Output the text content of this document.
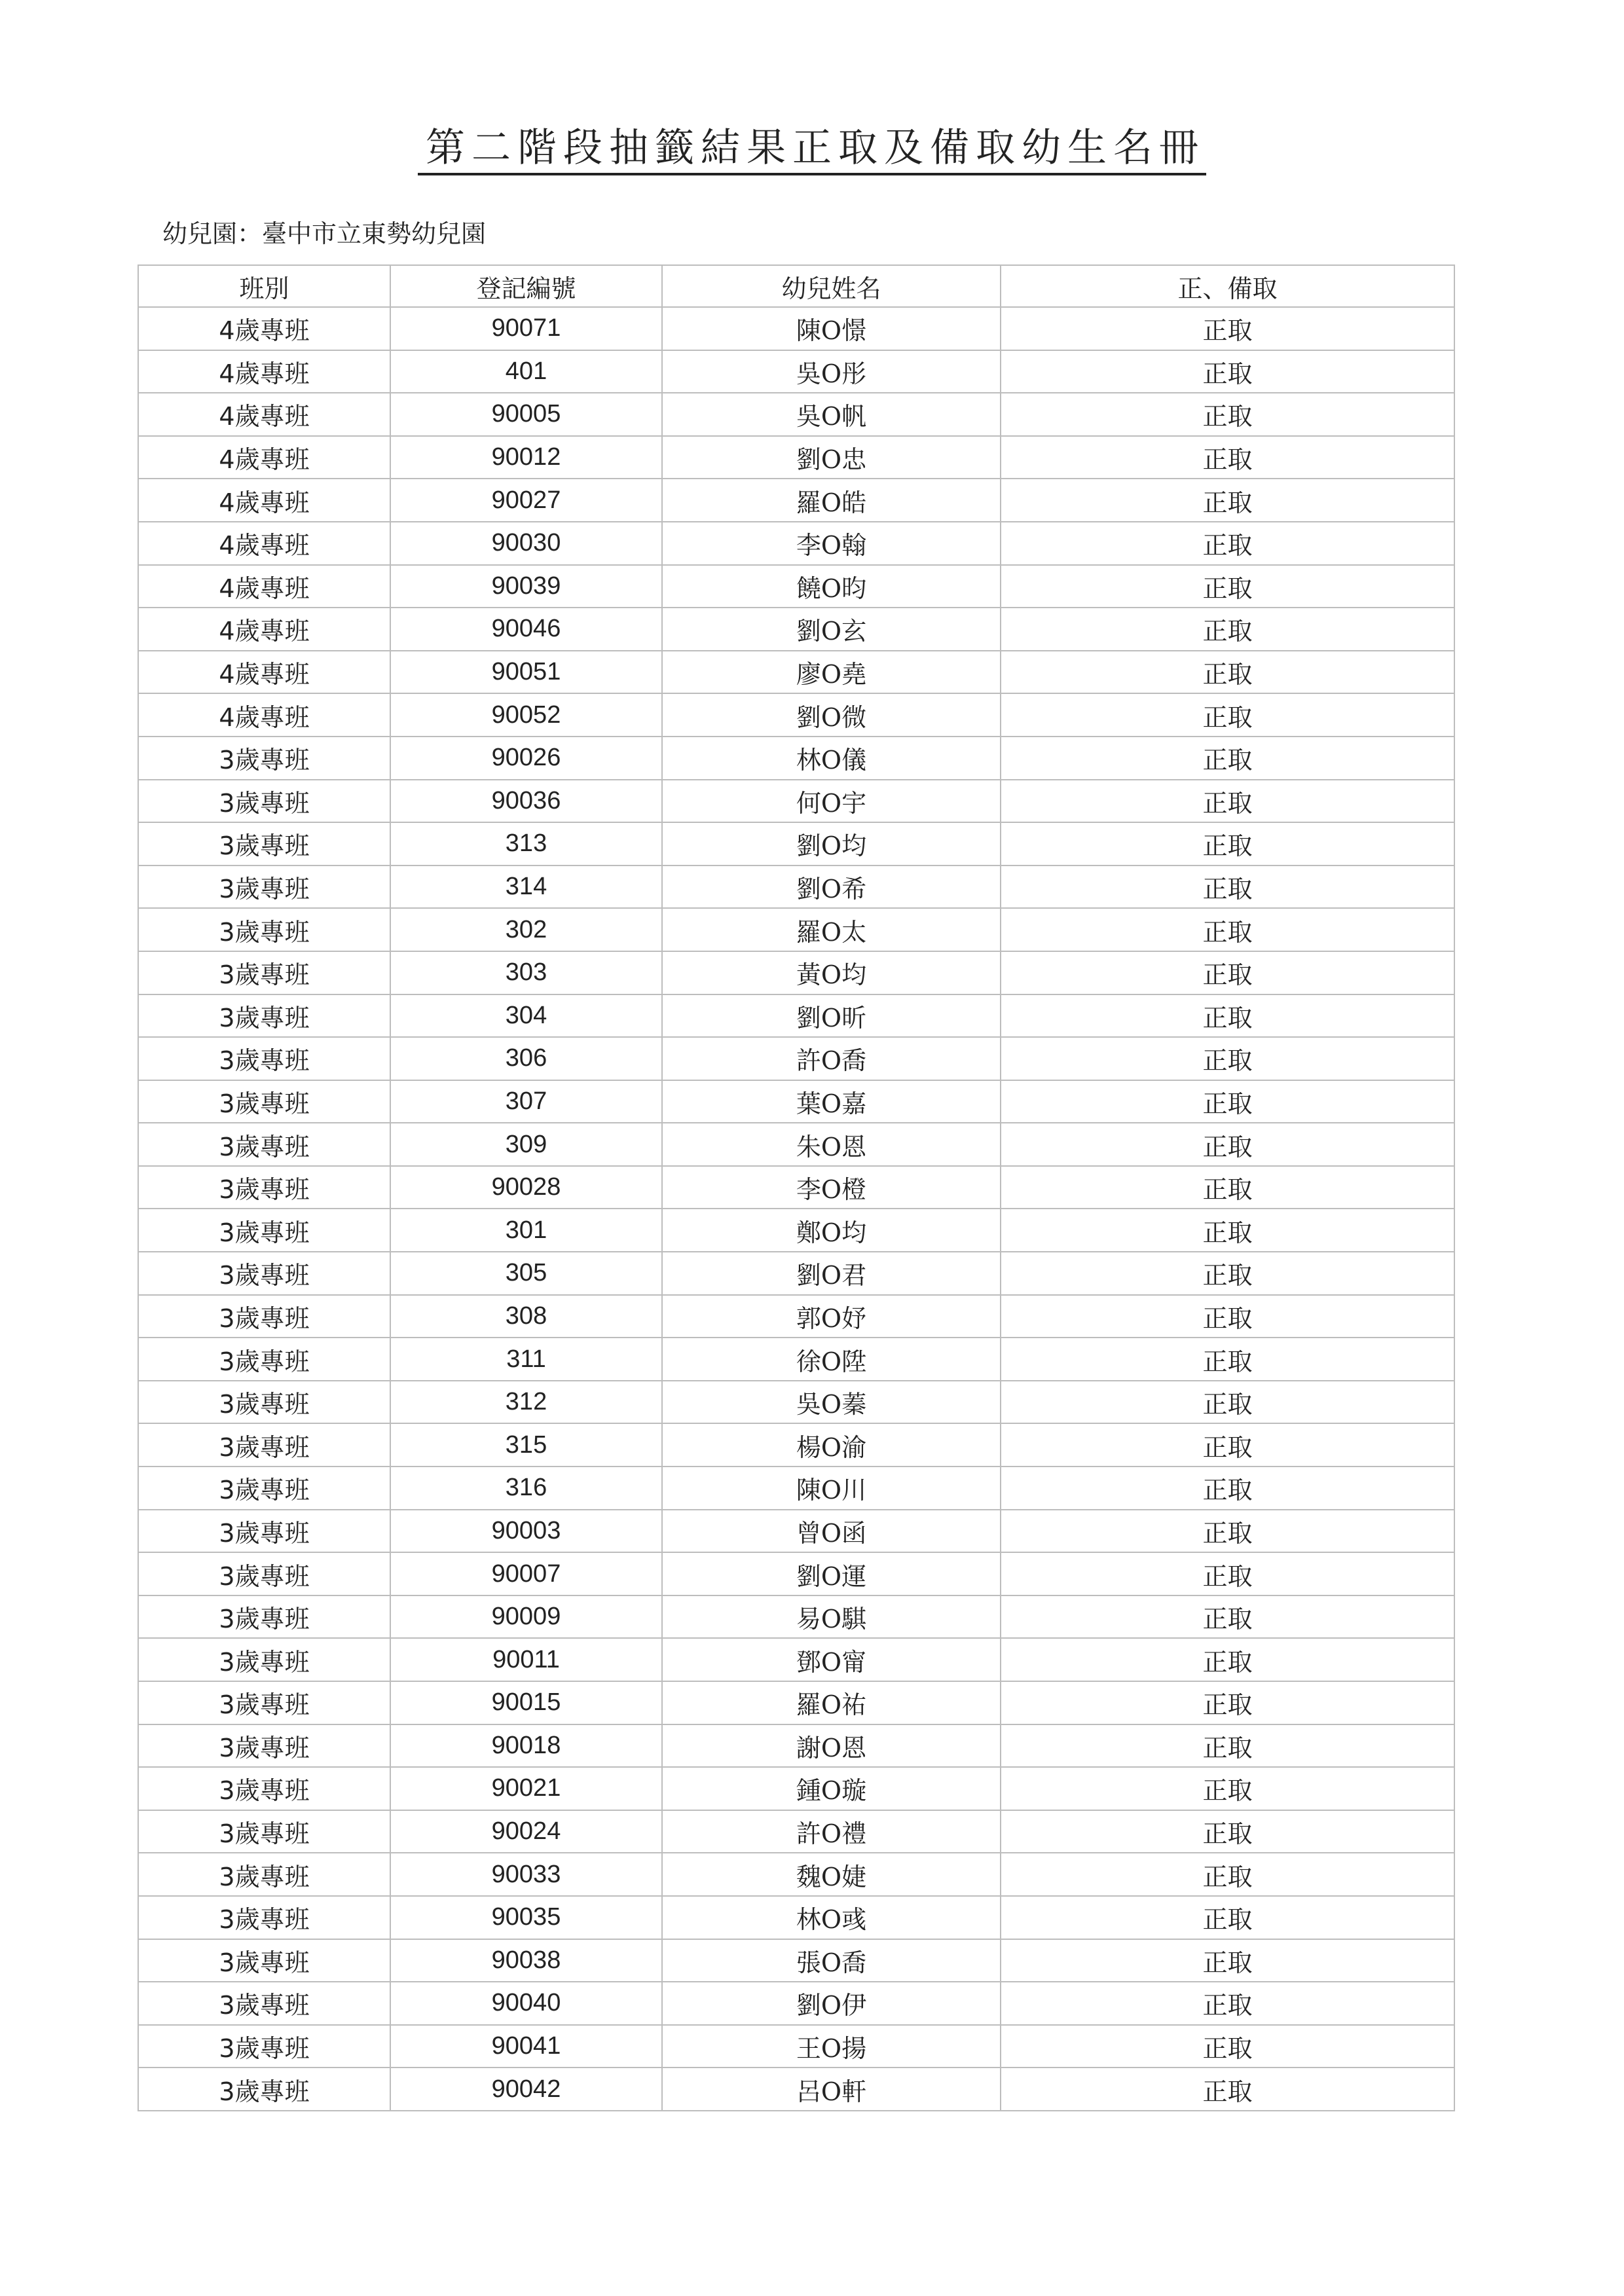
第二階段抽籤結果正取及備取幼生名冊
幼兒園：臺中市立東勢幼兒園
班別	登記編號	幼兒姓名	正、備取
4歲專班	90071	陳O憬	正取
4歲專班	401	吳O彤	正取
4歲專班	90005	吳O帆	正取
4歲專班	90012	劉O忠	正取
4歲專班	90027	羅O皓	正取
4歲專班	90030	李O翰	正取
4歲專班	90039	饒O昀	正取
4歲專班	90046	劉O玄	正取
4歲專班	90051	廖O堯	正取
4歲專班	90052	劉O微	正取
3歲專班	90026	林O儀	正取
3歲專班	90036	何O宇	正取
3歲專班	313	劉O均	正取
3歲專班	314	劉O希	正取
3歲專班	302	羅O太	正取
3歲專班	303	黃O均	正取
3歲專班	304	劉O昕	正取
3歲專班	306	許O喬	正取
3歲專班	307	葉O嘉	正取
3歲專班	309	朱O恩	正取
3歲專班	90028	李O橙	正取
3歲專班	301	鄭O均	正取
3歲專班	305	劉O君	正取
3歲專班	308	郭O妤	正取
3歲專班	311	徐O陞	正取
3歲專班	312	吳O蓁	正取
3歲專班	315	楊O渝	正取
3歲專班	316	陳O川	正取
3歲專班	90003	曾O函	正取
3歲專班	90007	劉O運	正取
3歲專班	90009	易O騏	正取
3歲專班	90011	鄧O甯	正取
3歲專班	90015	羅O祐	正取
3歲專班	90018	謝O恩	正取
3歲專班	90021	鍾O璇	正取
3歲專班	90024	許O禮	正取
3歲專班	90033	魏O婕	正取
3歲專班	90035	林O彧	正取
3歲專班	90038	張O喬	正取
3歲專班	90040	劉O伊	正取
3歲專班	90041	王O揚	正取
3歲專班	90042	呂O軒	正取
